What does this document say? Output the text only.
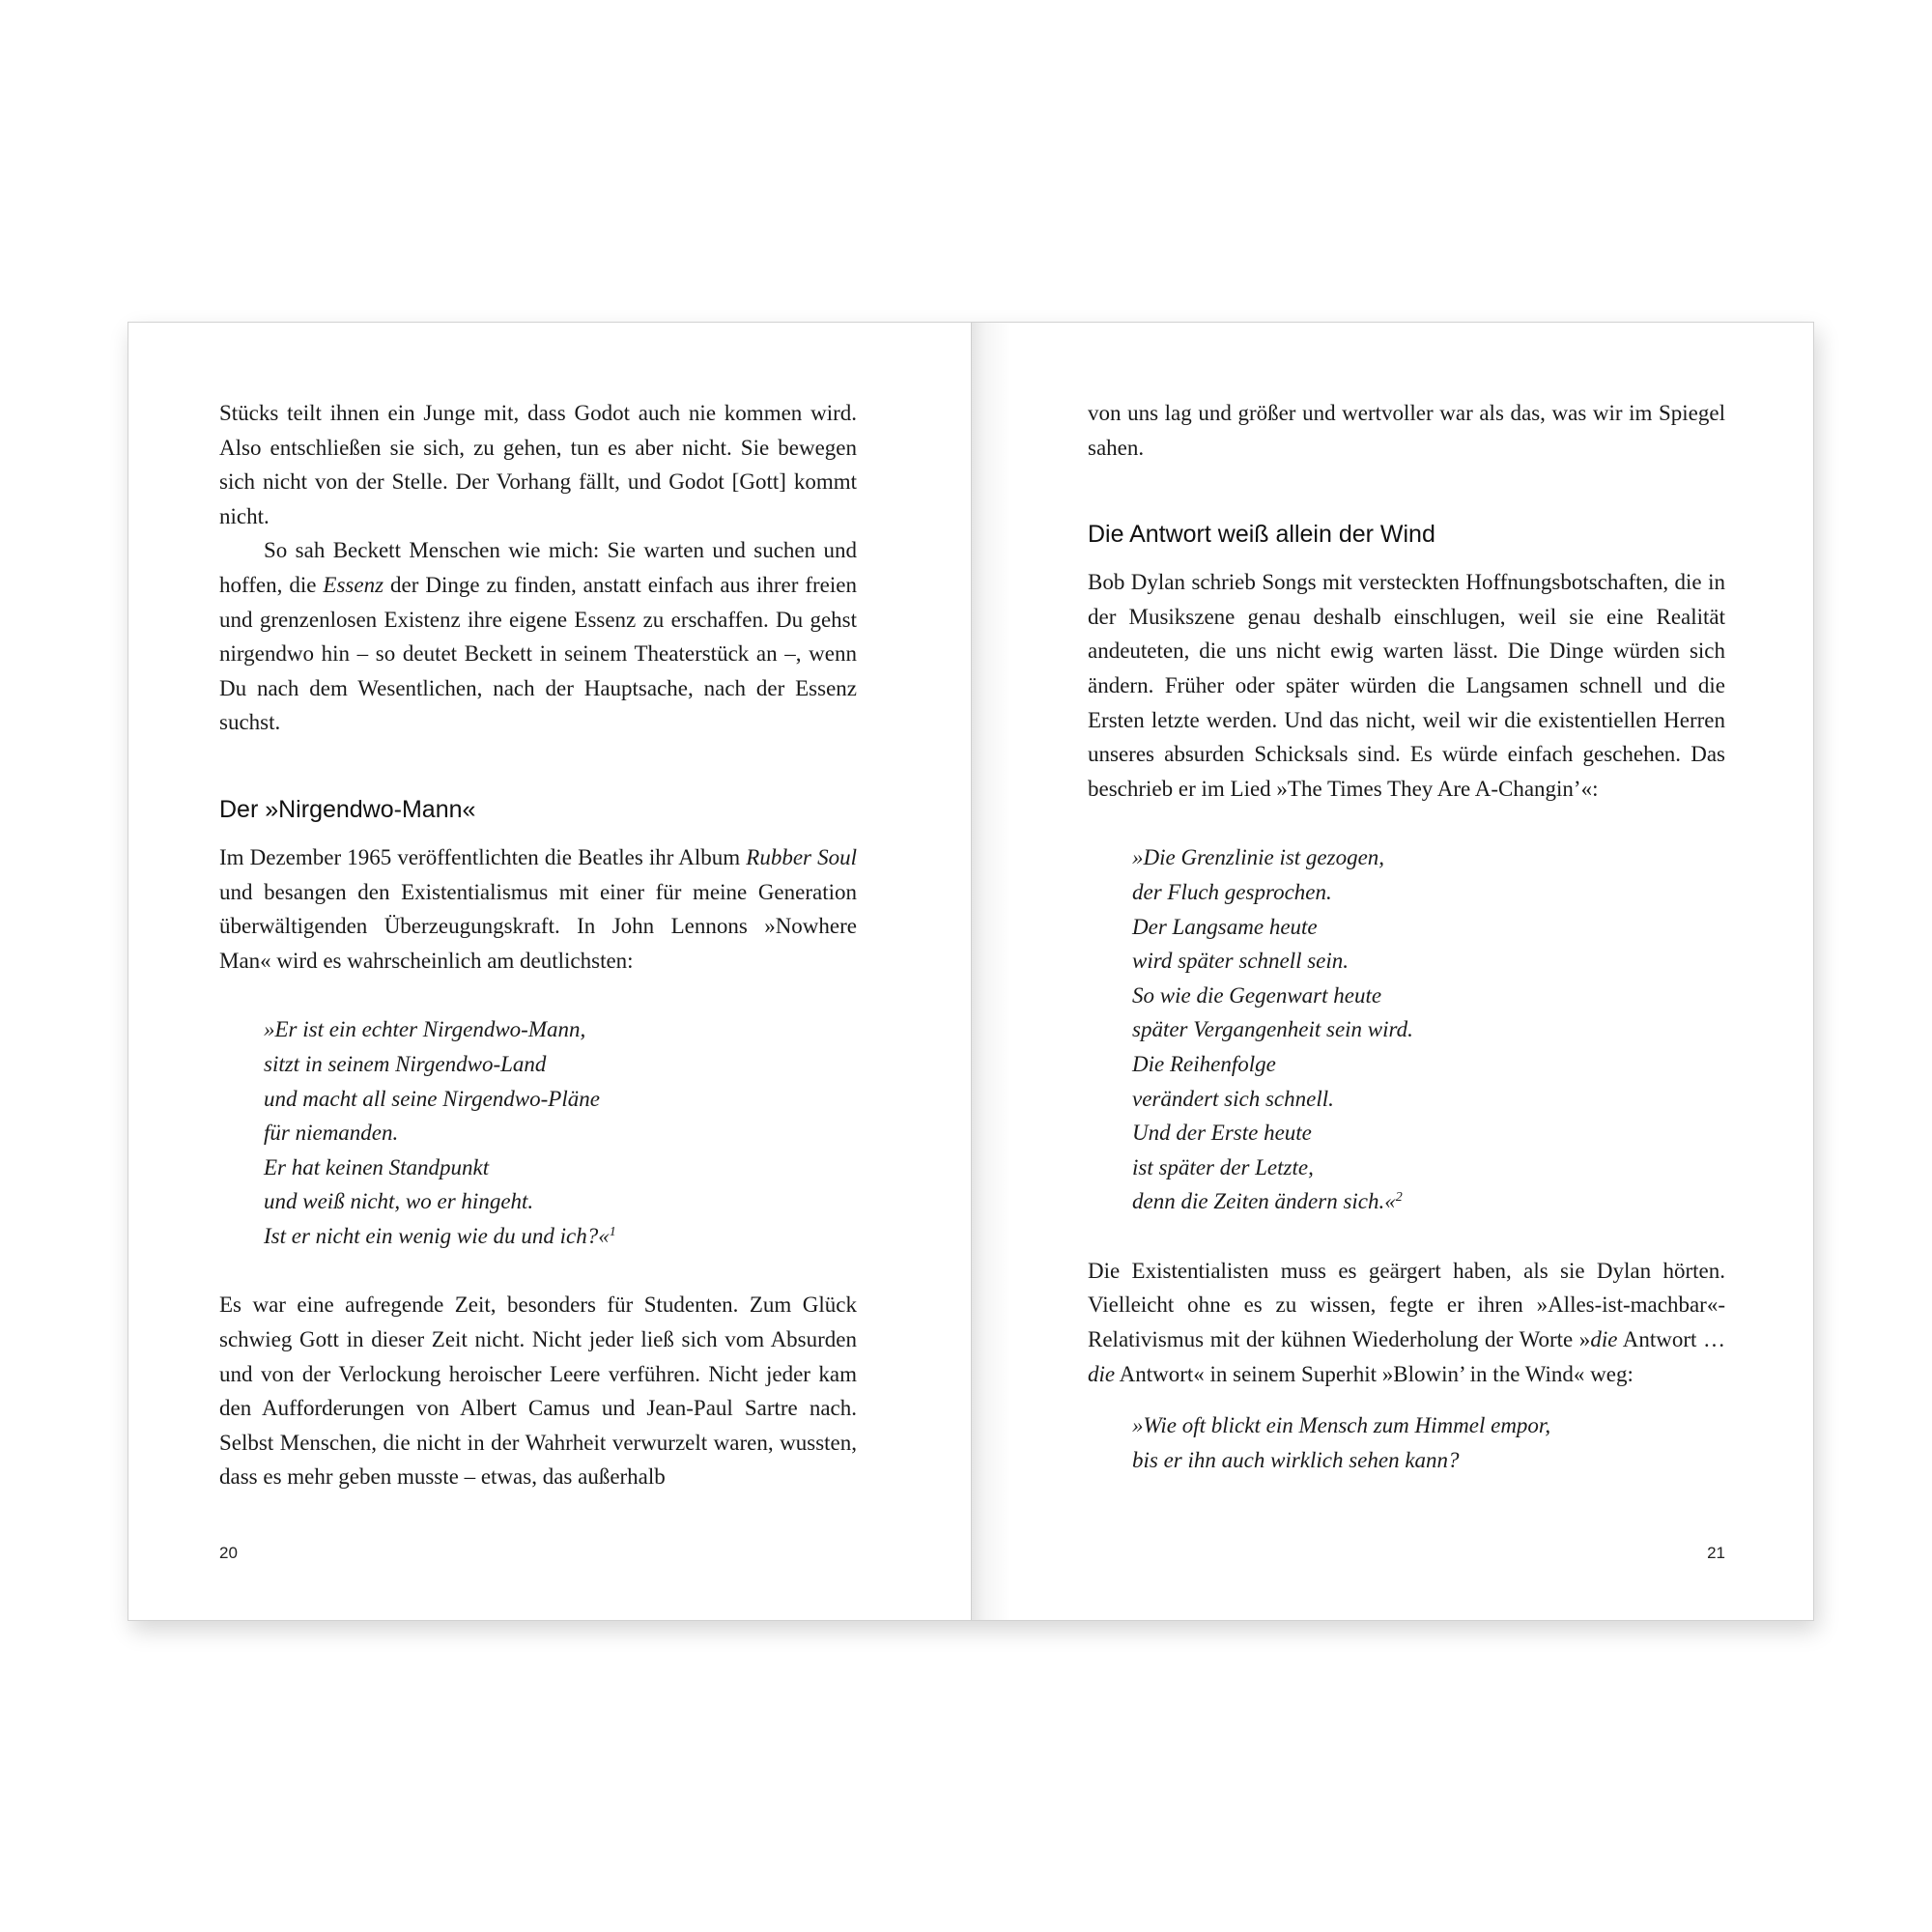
Stücks teilt ihnen ein Junge mit, dass Godot auch nie kommen wird. Also entschließen sie sich, zu gehen, tun es aber nicht. Sie bewegen sich nicht von der Stelle. Der Vorhang fällt, und Godot [Gott] kommt nicht.

So sah Beckett Menschen wie mich: Sie warten und suchen und hoffen, die Essenz der Dinge zu finden, anstatt einfach aus ihrer freien und grenzenlosen Existenz ihre eigene Essenz zu erschaffen. Du gehst nirgendwo hin – so deutet Beckett in seinem Theaterstück an –, wenn Du nach dem Wesentlichen, nach der Hauptsache, nach der Essenz suchst.

Der »Nirgendwo-Mann«

Im Dezember 1965 veröffentlichten die Beatles ihr Album Rubber Soul und besangen den Existentialismus mit einer für meine Generation überwältigenden Überzeugungskraft. In John Lennons »Nowhere Man« wird es wahrscheinlich am deutlichsten:

»Er ist ein echter Nirgendwo-Mann,
sitzt in seinem Nirgendwo-Land
und macht all seine Nirgendwo-Pläne
für niemanden.
Er hat keinen Standpunkt
und weiß nicht, wo er hingeht.
Ist er nicht ein wenig wie du und ich?«$^1$

Es war eine aufregende Zeit, besonders für Studenten. Zum Glück schwieg Gott in dieser Zeit nicht. Nicht jeder ließ sich vom Absurden und von der Verlockung heroischer Leere verführen. Nicht jeder kam den Aufforderungen von Albert Camus und Jean-Paul Sartre nach. Selbst Menschen, die nicht in der Wahrheit verwurzelt waren, wussten, dass es mehr geben musste – etwas, das außerhalb

20

von uns lag und größer und wertvoller war als das, was wir im Spiegel sahen.

Die Antwort weiß allein der Wind

Bob Dylan schrieb Songs mit versteckten Hoffnungsbotschaften, die in der Musikszene genau deshalb einschlugen, weil sie eine Realität andeuteten, die uns nicht ewig warten lässt. Die Dinge würden sich ändern. Früher oder später würden die Langsamen schnell und die Ersten letzte werden. Und das nicht, weil wir die existentiellen Herren unseres absurden Schicksals sind. Es würde einfach geschehen. Das beschrieb er im Lied »The Times They Are A-Changin’«:

»Die Grenzlinie ist gezogen,
der Fluch gesprochen.
Der Langsame heute
wird später schnell sein.
So wie die Gegenwart heute
später Vergangenheit sein wird.
Die Reihenfolge
verändert sich schnell.
Und der Erste heute
ist später der Letzte,
denn die Zeiten ändern sich.«$^2$

Die Existentialisten muss es geärgert haben, als sie Dylan hörten. Vielleicht ohne es zu wissen, fegte er ihren »Alles-ist-machbar«-Relativismus mit der kühnen Wiederholung der Worte »die Antwort … die Antwort« in seinem Superhit »Blowin’ in the Wind« weg:

»Wie oft blickt ein Mensch zum Himmel empor,
bis er ihn auch wirklich sehen kann?
21
